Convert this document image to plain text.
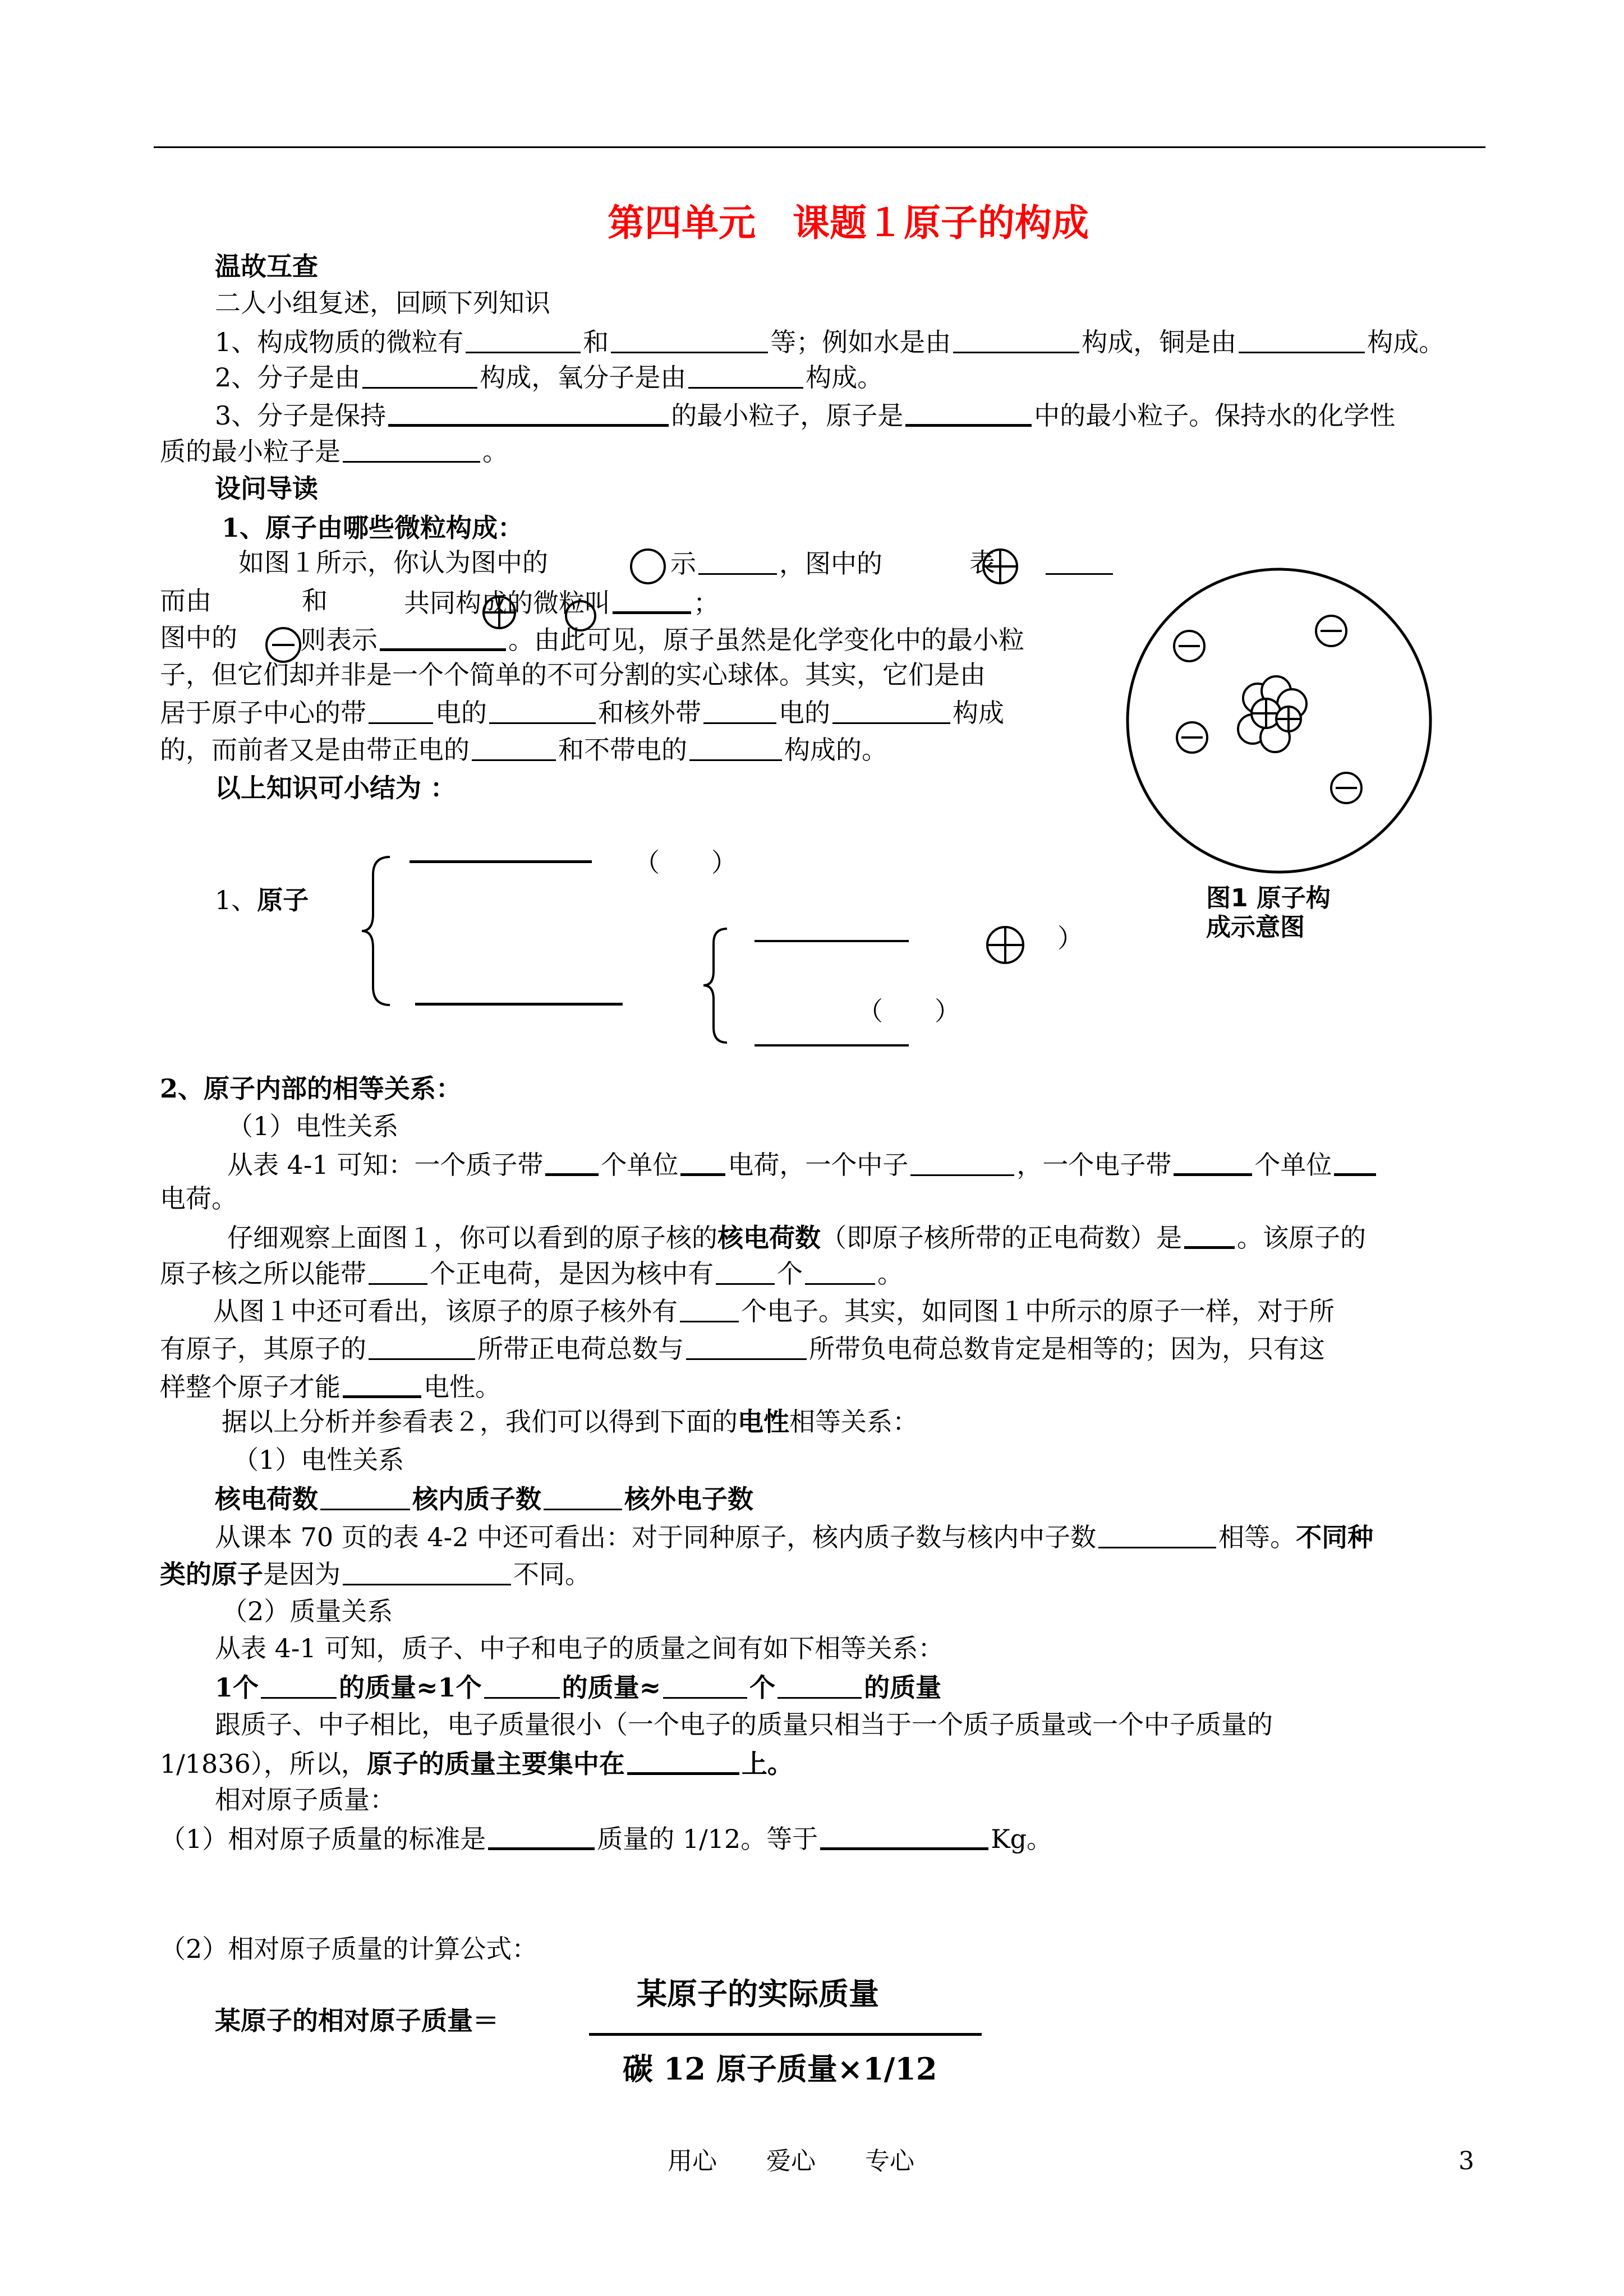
第四单元　课题１原子的构成
温故互查
二人小组复述，回顾下列知识
1、构成物质的微粒有	和	等；例如水是由	构成，铜是由	构成。
2、分子是由	构成，氧分子是由	构成。
3、分子是保持	的最小粒子，原子是	中的最小粒子。保持水的化学性
质的最小粒子是	。
设问导读
1、原子由哪些微粒构成：
如图１所示，你认为图中的	示	，图中的	表
而由	和	共同构成的微粒叫	；
图中的 则表示	。由此可见，原子虽然是化学变化中的最小粒
子，但它们却并非是一个个简单的不可分割的实心球体。其实，它们是由
居于原子中心的带	电的	和核外带	电的	构成
的，而前者又是由带正电的	和不带电的	构成的。
以上知识可小结为 ：
图1 原子构
成示意图
1、原子
（　　）
）
（　　）
2、原子内部的相等关系：
（1）电性关系
从表 4-1 可知：一个质子带 个单位 电荷，一个中子	，一个电子带	个单位
电荷。
仔细观察上面图１，你可以看到的原子核的核电荷数（即原子核所带的正电荷数）是 。该原子的
原子核之所以能带 个正电荷，是因为核中有 个	。
从图１中还可看出，该原子的原子核外有 个电子。其实，如同图１中所示的原子一样，对于所
有原子，其原子的	所带正电荷总数与	所带负电荷总数肯定是相等的；因为，只有这
样整个原子才能	电性。
据以上分析并参看表２，我们可以得到下面的电性相等关系：
（1）电性关系
核电荷数	核内质子数	核外电子数
从课本 70 页的表 4-2 中还可看出：对于同种原子，核内质子数与核内中子数	相等。不同种
类的原子是因为	不同。
（2）质量关系
从表 4-1 可知，质子、中子和电子的质量之间有如下相等关系：
1个	的质量≈1个	的质量≈	个	的质量
跟质子、中子相比，电子质量很小（一个电子的质量只相当于一个质子质量或一个中子质量的
1/1836），所以，原子的质量主要集中在	上。
相对原子质量：
（1）相对原子质量的标准是	质量的 1/12。等于	Kg。
（2）相对原子质量的计算公式：
某原子的相对原子质量＝
某原子的实际质量
碳 12 原子质量×1/12
用心　　爱心　　专心	3
